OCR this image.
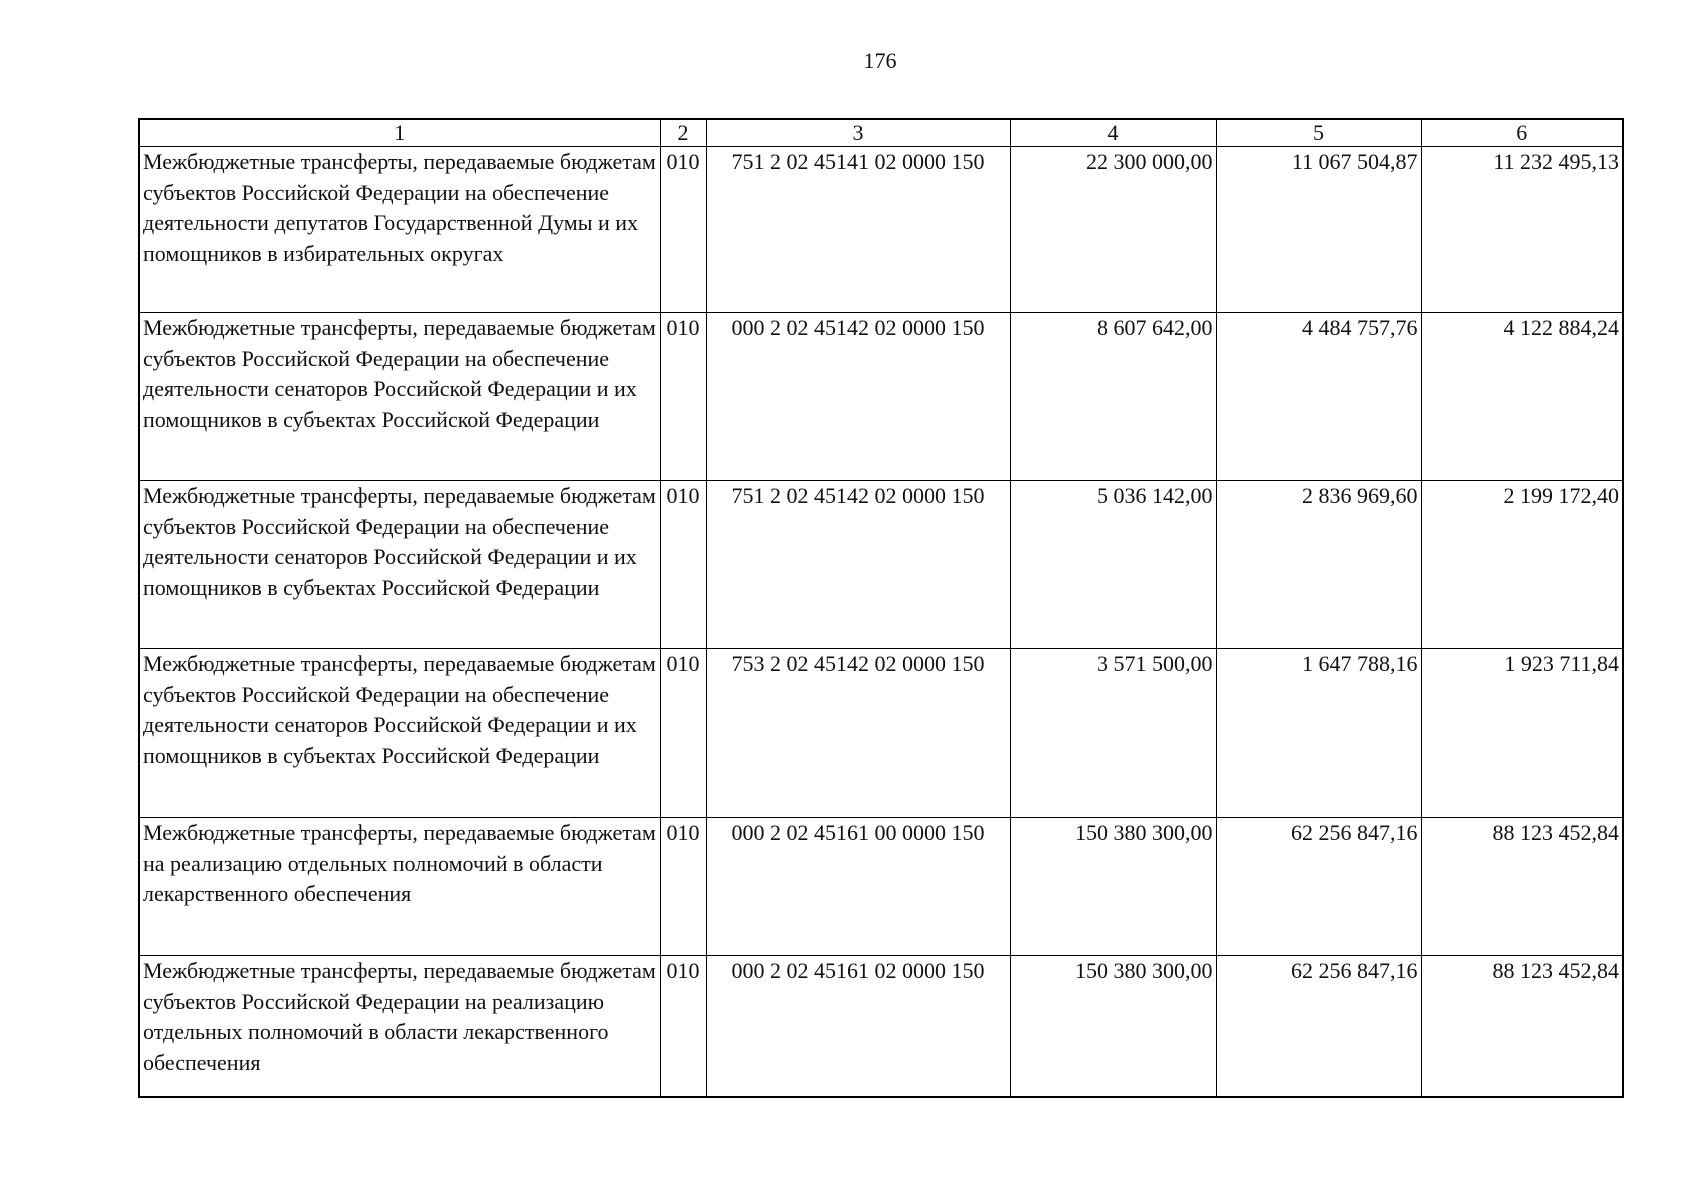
176
1	2	3	4	5	6
Межбюджетные трансферты, передаваемые бюджетам субъектов Российской Федерации на обеспечение деятельности депутатов Государственной Думы и их помощников в избирательных округах	010	751 2 02 45141 02 0000 150	22 300 000,00	11 067 504,87	11 232 495,13
Межбюджетные трансферты, передаваемые бюджетам субъектов Российской Федерации на обеспечение деятельности сенаторов Российской Федерации и их помощников в субъектах Российской Федерации	010	000 2 02 45142 02 0000 150	8 607 642,00	4 484 757,76	4 122 884,24
Межбюджетные трансферты, передаваемые бюджетам субъектов Российской Федерации на обеспечение деятельности сенаторов Российской Федерации и их помощников в субъектах Российской Федерации	010	751 2 02 45142 02 0000 150	5 036 142,00	2 836 969,60	2 199 172,40
Межбюджетные трансферты, передаваемые бюджетам субъектов Российской Федерации на обеспечение деятельности сенаторов Российской Федерации и их помощников в субъектах Российской Федерации	010	753 2 02 45142 02 0000 150	3 571 500,00	1 647 788,16	1 923 711,84
Межбюджетные трансферты, передаваемые бюджетам на реализацию отдельных полномочий в области лекарственного обеспечения	010	000 2 02 45161 00 0000 150	150 380 300,00	62 256 847,16	88 123 452,84
Межбюджетные трансферты, передаваемые бюджетам субъектов Российской Федерации на реализацию отдельных полномочий в области лекарственного обеспечения	010	000 2 02 45161 02 0000 150	150 380 300,00	62 256 847,16	88 123 452,84
